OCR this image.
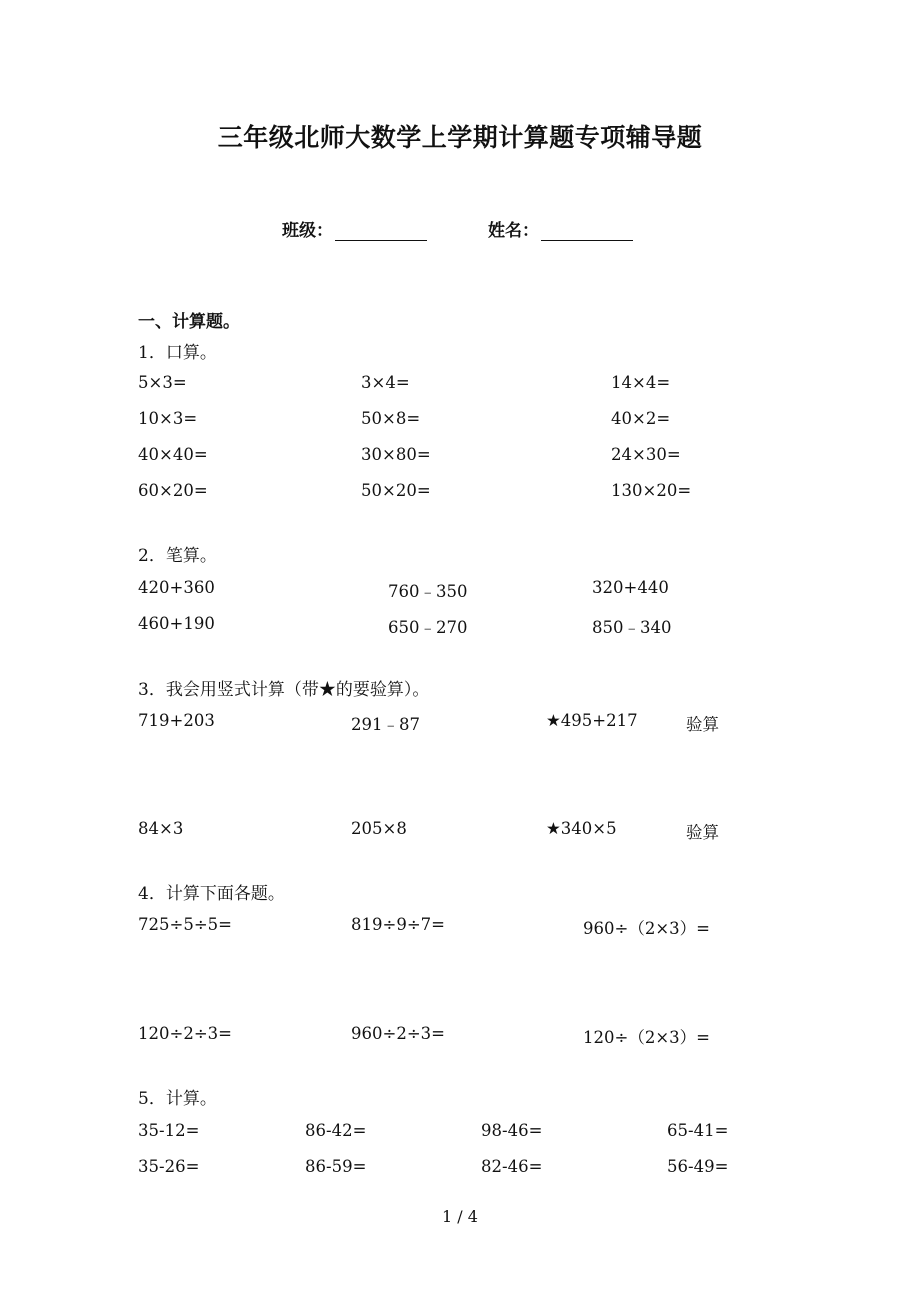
三年级北师大数学上学期计算题专项辅导题
班级：	姓名：
一、计算题。
1．口算。
5×3=	3×4=	14×4=
10×3=	50×8=	40×2=
40×40=	30×80=	24×30=
60×20=	50×20=	130×20=
2．笔算。
420+360	760﹣350	320+440
460+190	650﹣270	850﹣340
3．我会用竖式计算（带★的要验算）。
719+203	291﹣87	★495+217	验算
84×3	205×8	★340×5	验算
4．计算下面各题。
725÷5÷5=	819÷9÷7=	960÷（2×3）=
120÷2÷3=	960÷2÷3=	120÷（2×3）=
5．计算。
35-12=	86-42=	98-46=	65-41=
35-26=	86-59=	82-46=	56-49=
1 / 4
